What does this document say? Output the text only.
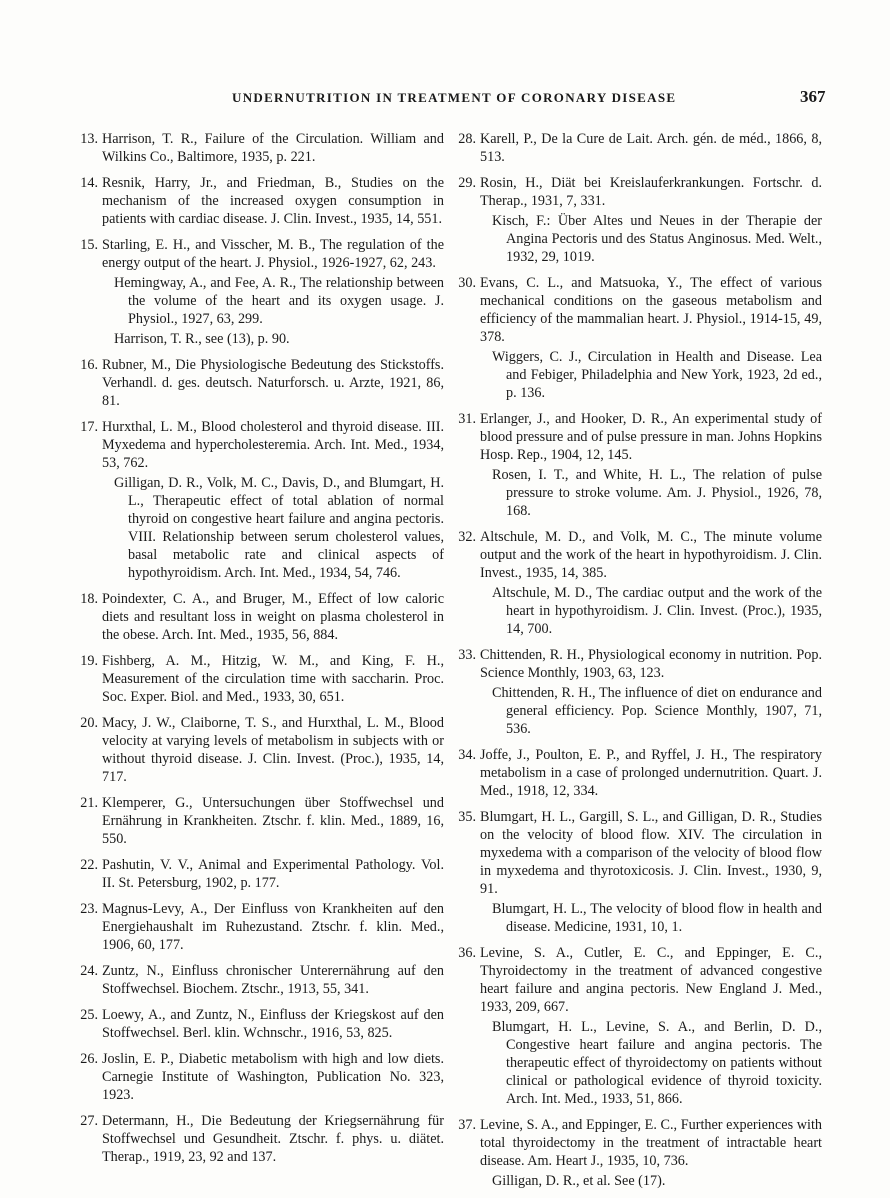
UNDERNUTRITION IN TREATMENT OF CORONARY DISEASE	367
13. Harrison, T. R., Failure of the Circulation. William and Wilkins Co., Baltimore, 1935, p. 221.
14. Resnik, Harry, Jr., and Friedman, B., Studies on the mechanism of the increased oxygen consumption in patients with cardiac disease. J. Clin. Invest., 1935, 14, 551.
15. Starling, E. H., and Visscher, M. B., The regulation of the energy output of the heart. J. Physiol., 1926-1927, 62, 243.
Hemingway, A., and Fee, A. R., The relationship between the volume of the heart and its oxygen usage. J. Physiol., 1927, 63, 299.
Harrison, T. R., see (13), p. 90.
16. Rubner, M., Die Physiologische Bedeutung des Stickstoffs. Verhandl. d. ges. deutsch. Naturforsch. u. Arzte, 1921, 86, 81.
17. Hurxthal, L. M., Blood cholesterol and thyroid disease. III. Myxedema and hypercholesteremia. Arch. Int. Med., 1934, 53, 762.
Gilligan, D. R., Volk, M. C., Davis, D., and Blumgart, H. L., Therapeutic effect of total ablation of normal thyroid on congestive heart failure and angina pectoris. VIII. Relationship between serum cholesterol values, basal metabolic rate and clinical aspects of hypothyroidism. Arch. Int. Med., 1934, 54, 746.
18. Poindexter, C. A., and Bruger, M., Effect of low caloric diets and resultant loss in weight on plasma cholesterol in the obese. Arch. Int. Med., 1935, 56, 884.
19. Fishberg, A. M., Hitzig, W. M., and King, F. H., Measurement of the circulation time with saccharin. Proc. Soc. Exper. Biol. and Med., 1933, 30, 651.
20. Macy, J. W., Claiborne, T. S., and Hurxthal, L. M., Blood velocity at varying levels of metabolism in subjects with or without thyroid disease. J. Clin. Invest. (Proc.), 1935, 14, 717.
21. Klemperer, G., Untersuchungen über Stoffwechsel und Ernährung in Krankheiten. Ztschr. f. klin. Med., 1889, 16, 550.
22. Pashutin, V. V., Animal and Experimental Pathology. Vol. II. St. Petersburg, 1902, p. 177.
23. Magnus-Levy, A., Der Einfluss von Krankheiten auf den Energiehaushalt im Ruhezustand. Ztschr. f. klin. Med., 1906, 60, 177.
24. Zuntz, N., Einfluss chronischer Unterernährung auf den Stoffwechsel. Biochem. Ztschr., 1913, 55, 341.
25. Loewy, A., and Zuntz, N., Einfluss der Kriegskost auf den Stoffwechsel. Berl. klin. Wchnschr., 1916, 53, 825.
26. Joslin, E. P., Diabetic metabolism with high and low diets. Carnegie Institute of Washington, Publication No. 323, 1923.
27. Determann, H., Die Bedeutung der Kriegsernährung für Stoffwechsel und Gesundheit. Ztschr. f. phys. u. diätet. Therap., 1919, 23, 92 and 137.
28. Karell, P., De la Cure de Lait. Arch. gén. de méd., 1866, 8, 513.
29. Rosin, H., Diät bei Kreislauferkrankungen. Fortschr. d. Therap., 1931, 7, 331.
Kisch, F.: Über Altes und Neues in der Therapie der Angina Pectoris und des Status Anginosus. Med. Welt., 1932, 29, 1019.
30. Evans, C. L., and Matsuoka, Y., The effect of various mechanical conditions on the gaseous metabolism and efficiency of the mammalian heart. J. Physiol., 1914-15, 49, 378.
Wiggers, C. J., Circulation in Health and Disease. Lea and Febiger, Philadelphia and New York, 1923, 2d ed., p. 136.
31. Erlanger, J., and Hooker, D. R., An experimental study of blood pressure and of pulse pressure in man. Johns Hopkins Hosp. Rep., 1904, 12, 145.
Rosen, I. T., and White, H. L., The relation of pulse pressure to stroke volume. Am. J. Physiol., 1926, 78, 168.
32. Altschule, M. D., and Volk, M. C., The minute volume output and the work of the heart in hypothyroidism. J. Clin. Invest., 1935, 14, 385.
Altschule, M. D., The cardiac output and the work of the heart in hypothyroidism. J. Clin. Invest. (Proc.), 1935, 14, 700.
33. Chittenden, R. H., Physiological economy in nutrition. Pop. Science Monthly, 1903, 63, 123.
Chittenden, R. H., The influence of diet on endurance and general efficiency. Pop. Science Monthly, 1907, 71, 536.
34. Joffe, J., Poulton, E. P., and Ryffel, J. H., The respiratory metabolism in a case of prolonged undernutrition. Quart. J. Med., 1918, 12, 334.
35. Blumgart, H. L., Gargill, S. L., and Gilligan, D. R., Studies on the velocity of blood flow. XIV. The circulation in myxedema with a comparison of the velocity of blood flow in myxedema and thyrotoxicosis. J. Clin. Invest., 1930, 9, 91.
Blumgart, H. L., The velocity of blood flow in health and disease. Medicine, 1931, 10, 1.
36. Levine, S. A., Cutler, E. C., and Eppinger, E. C., Thyroidectomy in the treatment of advanced congestive heart failure and angina pectoris. New England J. Med., 1933, 209, 667.
Blumgart, H. L., Levine, S. A., and Berlin, D. D., Congestive heart failure and angina pectoris. The therapeutic effect of thyroidectomy on patients without clinical or pathological evidence of thyroid toxicity. Arch. Int. Med., 1933, 51, 866.
37. Levine, S. A., and Eppinger, E. C., Further experiences with total thyroidectomy in the treatment of intractable heart disease. Am. Heart J., 1935, 10, 736.
Gilligan, D. R., et al. See (17).
